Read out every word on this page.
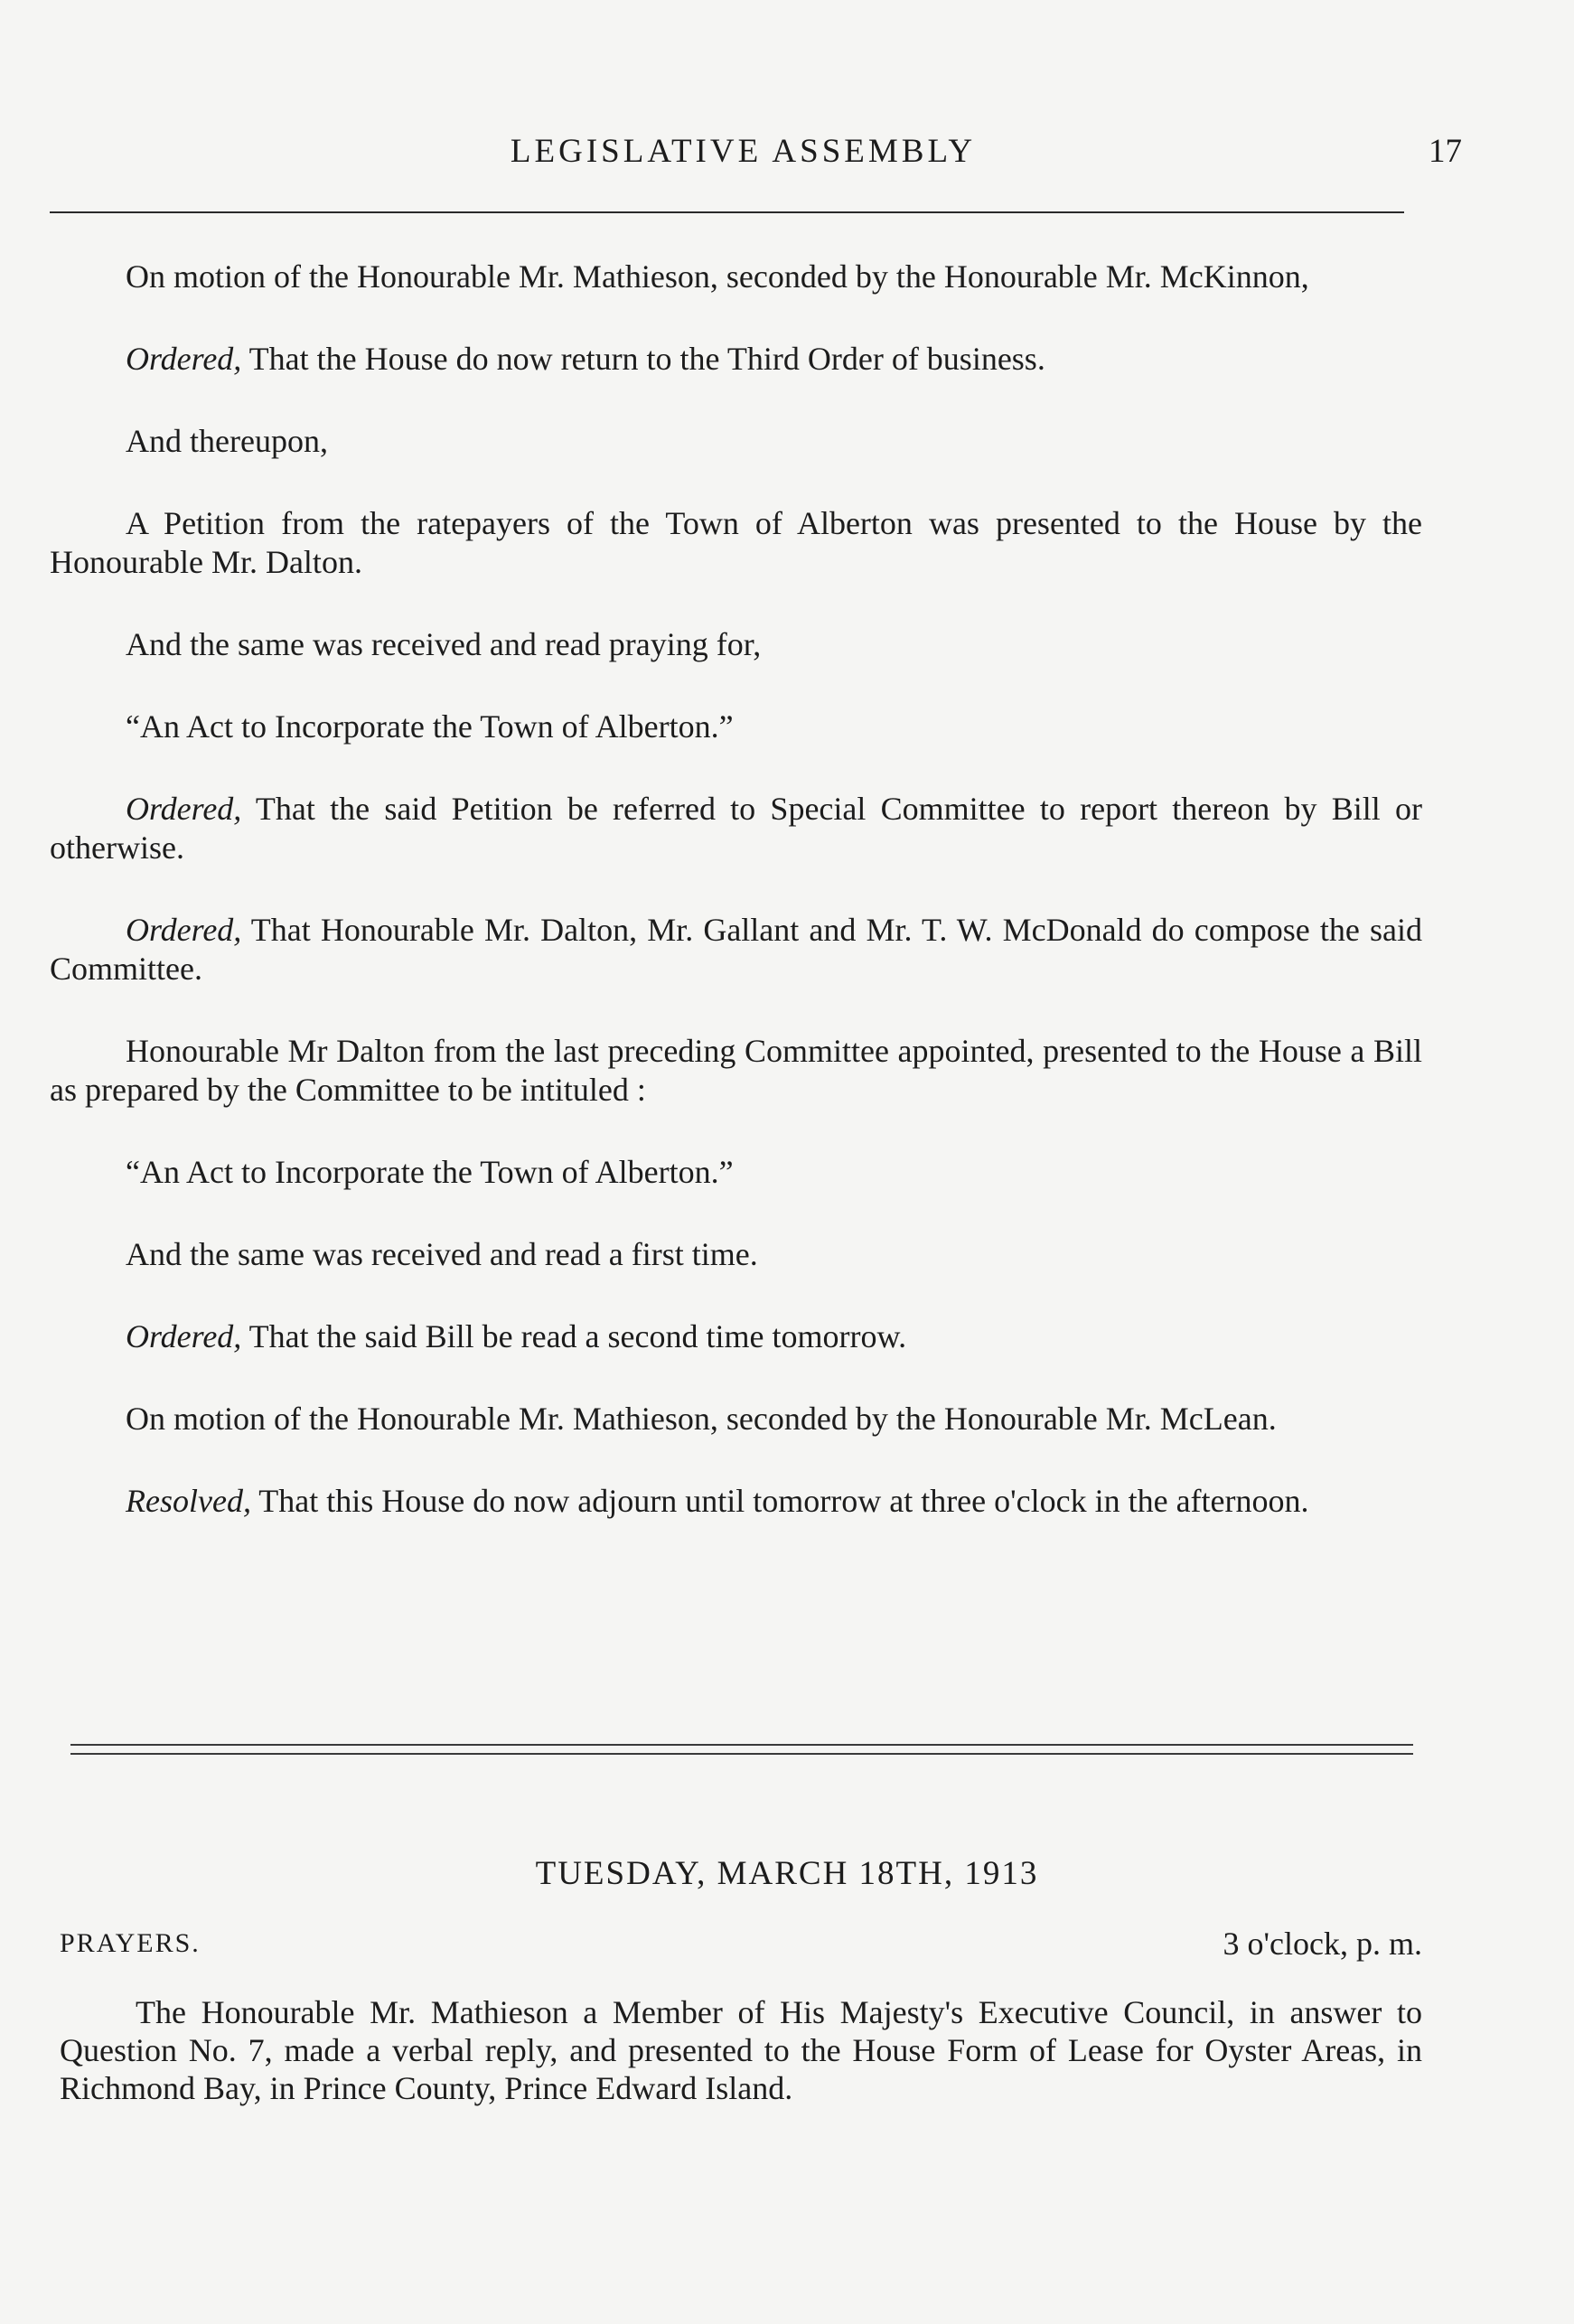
LEGISLATIVE ASSEMBLY	17

On motion of the Honourable Mr. Mathieson, seconded by the Honourable Mr. McKinnon,

Ordered, That the House do now return to the Third Order of business.

And thereupon,

A Petition from the ratepayers of the Town of Alberton was presented to the House by the Honourable Mr. Dalton.

And the same was received and read praying for,

“An Act to Incorporate the Town of Alberton.”

Ordered, That the said Petition be referred to Special Committee to report thereon by Bill or otherwise.

Ordered, That Honourable Mr. Dalton, Mr. Gallant and Mr. T. W. McDonald do compose the said Committee.

Honourable Mr Dalton from the last preceding Committee appointed, presented to the House a Bill as prepared by the Committee to be intituled :

“An Act to Incorporate the Town of Alberton.”

And the same was received and read a first time.

Ordered, That the said Bill be read a second time tomorrow.

On motion of the Honourable Mr. Mathieson, seconded by the Honourable Mr. McLean.

Resolved, That this House do now adjourn until tomorrow at three o'clock in the afternoon.

TUESDAY, MARCH 18TH, 1913
PRAYERS.	3 o'clock, p. m.

The Honourable Mr. Mathieson a Member of His Majesty's Executive Council, in answer to Question No. 7, made a verbal reply, and presented to the House Form of Lease for Oyster Areas, in Richmond Bay, in Prince County, Prince Edward Island.
